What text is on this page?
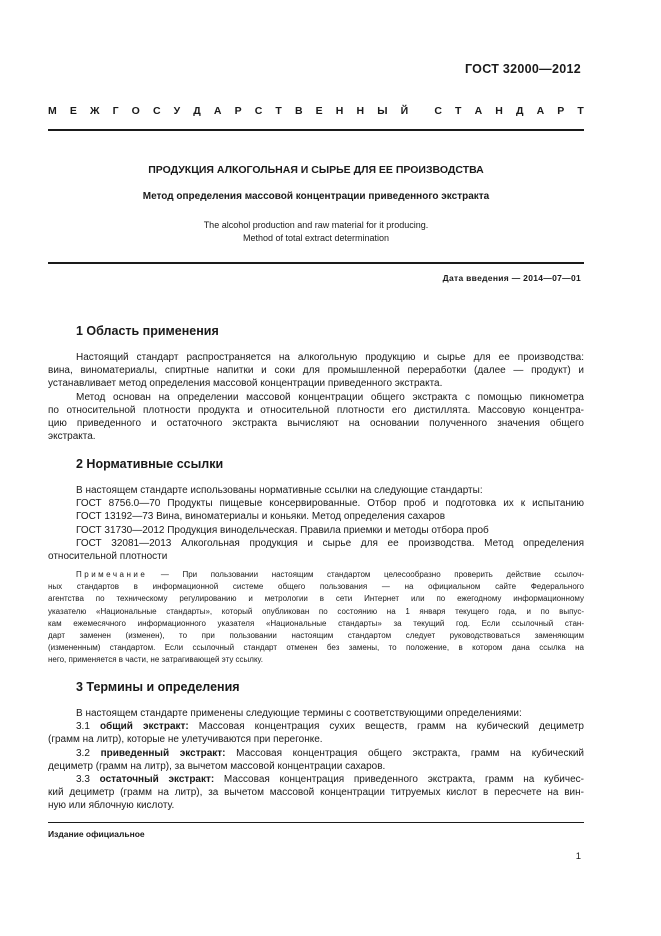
ГОСТ 32000—2012
М Е Ж Г О С У Д А Р С Т В Е Н Н Ы Й С Т А Н Д А Р Т
ПРОДУКЦИЯ АЛКОГОЛЬНАЯ И СЫРЬЕ ДЛЯ ЕЕ ПРОИЗВОДСТВА
Метод определения массовой концентрации приведенного экстракта
The alcohol production and raw material for it producing.
Method of total extract determination
Дата введения — 2014—07—01
1 Область применения
Настоящий стандарт распространяется на алкогольную продукцию и сырье для ее производства:
вина, виноматериалы, спиртные напитки и соки для промышленной переработки (далее — продукт) и
устанавливает метод определения массовой концентрации приведенного экстракта.
Метод основан на определении массовой концентрации общего экстракта с помощью пикнометра
по относительной плотности продукта и относительной плотности его дистиллята. Массовую концентра-
цию приведенного и остаточного экстракта вычисляют на основании полученного значения общего
экстракта.
2 Нормативные ссылки
В настоящем стандарте использованы нормативные ссылки на следующие стандарты:
ГОСТ 8756.0—70 Продукты пищевые консервированные. Отбор проб и подготовка их к испытанию
ГОСТ 13192—73 Вина, виноматериалы и коньяки. Метод определения сахаров
ГОСТ 31730—2012 Продукция винодельческая. Правила приемки и методы отбора проб
ГОСТ 32081—2013 Алкогольная продукция и сырье для ее производства. Метод определения
относительной плотности
Примечание — При пользовании настоящим стандартом целесообразно проверить действие ссылоч-
ных стандартов в информационной системе общего пользования — на официальном сайте Федерального
агентства по техническому регулированию и метрологии в сети Интернет или по ежегодному информационному
указателю «Национальные стандарты», который опубликован по состоянию на 1 января текущего года, и по выпус-
кам ежемесячного информационного указателя «Национальные стандарты» за текущий год. Если ссылочный стан-
дарт заменен (изменен), то при пользовании настоящим стандартом следует руководствоваться заменяющим
(измененным) стандартом. Если ссылочный стандарт отменен без замены, то положение, в котором дана ссылка на
него, применяется в части, не затрагивающей эту ссылку.
3 Термины и определения
В настоящем стандарте применены следующие термины с соответствующими определениями:
3.1 общий экстракт: Массовая концентрация сухих веществ, грамм на кубический дециметр
(грамм на литр), которые не улетучиваются при перегонке.
3.2 приведенный экстракт: Массовая концентрация общего экстракта, грамм на кубический
дециметр (грамм на литр), за вычетом массовой концентрации сахаров.
3.3 остаточный экстракт: Массовая концентрация приведенного экстракта, грамм на кубичес-
кий дециметр (грамм на литр), за вычетом массовой концентрации титруемых кислот в пересчете на вин-
ную или яблочную кислоту.
Издание официальное
1
